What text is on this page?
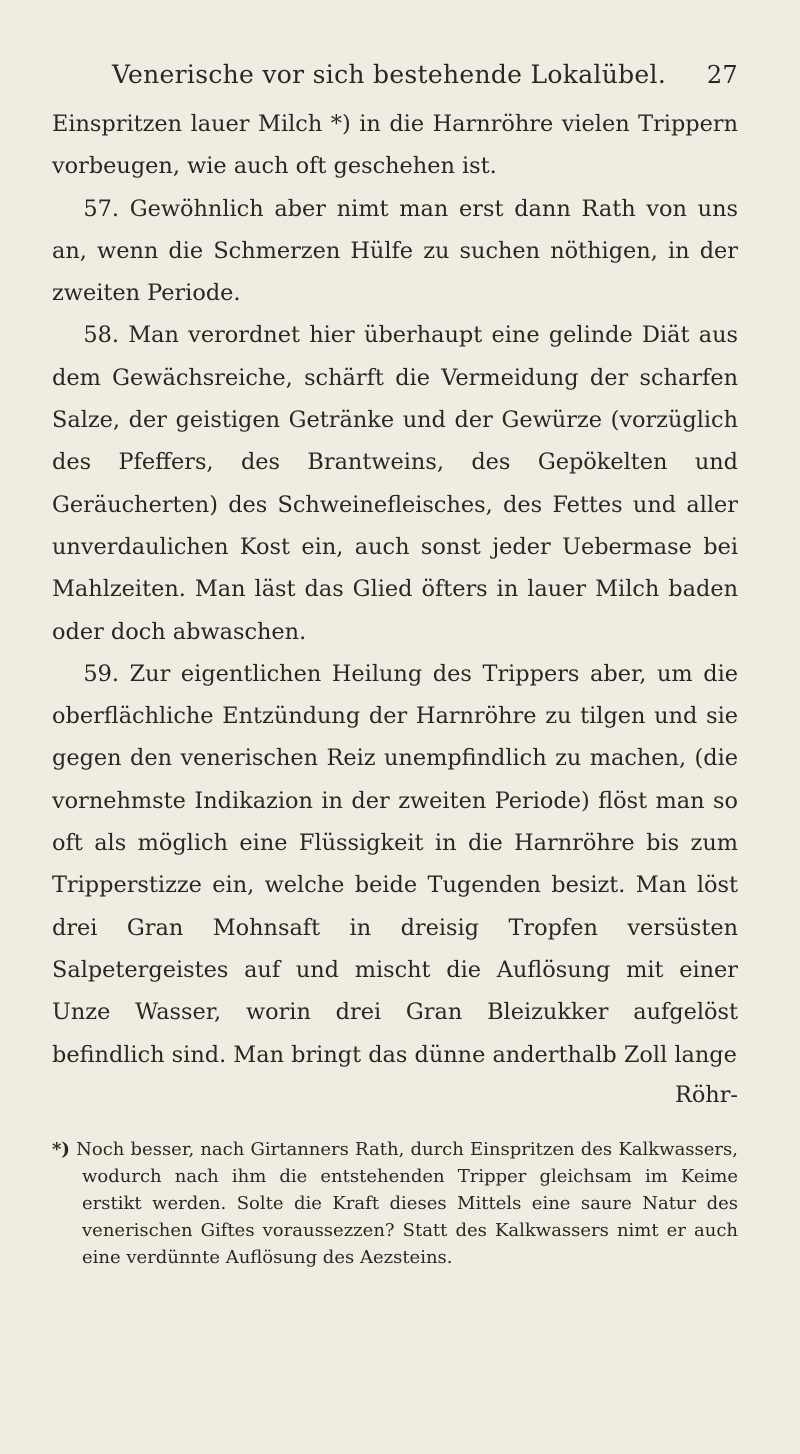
Venerische vor sich bestehende Lokalübel. 27

Einspritzen lauer Milch *) in die Harnröhre vielen Trippern vorbeugen, wie auch oft geschehen ist.

57. Gewöhnlich aber nimt man erst dann Rath von uns an, wenn die Schmerzen Hülfe zu suchen nöthigen, in der zweiten Periode.

58. Man verordnet hier überhaupt eine gelinde Diät aus dem Gewächsreiche, schärft die Vermeidung der scharfen Salze, der geistigen Getränke und der Gewürze (vorzüglich des Pfeffers, des Brantweins, des Gepökelten und Geräucherten) des Schweinefleisches, des Fettes und aller unverdaulichen Kost ein, auch sonst jeder Uebermase bei Mahlzeiten. Man läst das Glied öfters in lauer Milch baden oder doch abwaschen.

59. Zur eigentlichen Heilung des Trippers aber, um die oberflächliche Entzündung der Harnröhre zu tilgen und sie gegen den venerischen Reiz unempfindlich zu machen, (die vornehmste Indikazion in der zweiten Periode) flöst man so oft als möglich eine Flüssigkeit in die Harnröhre bis zum Tripperstizze ein, welche beide Tugenden besizt. Man löst drei Gran Mohnsaft in dreisig Tropfen versüsten Salpetergeistes auf und mischt die Auflösung mit einer Unze Wasser, worin drei Gran Bleizukker aufgelöst befindlich sind. Man bringt das dünne anderthalb Zoll lange

Röhr-
*) Noch besser, nach Girtanners Rath, durch Einspritzen des Kalkwassers, wodurch nach ihm die entstehenden Tripper gleichsam im Keime erstikt werden. Solte die Kraft dieses Mittels eine saure Natur des venerischen Giftes voraussezzen? Statt des Kalkwassers nimt er auch eine verdünnte Auflösung des Aezsteins.
